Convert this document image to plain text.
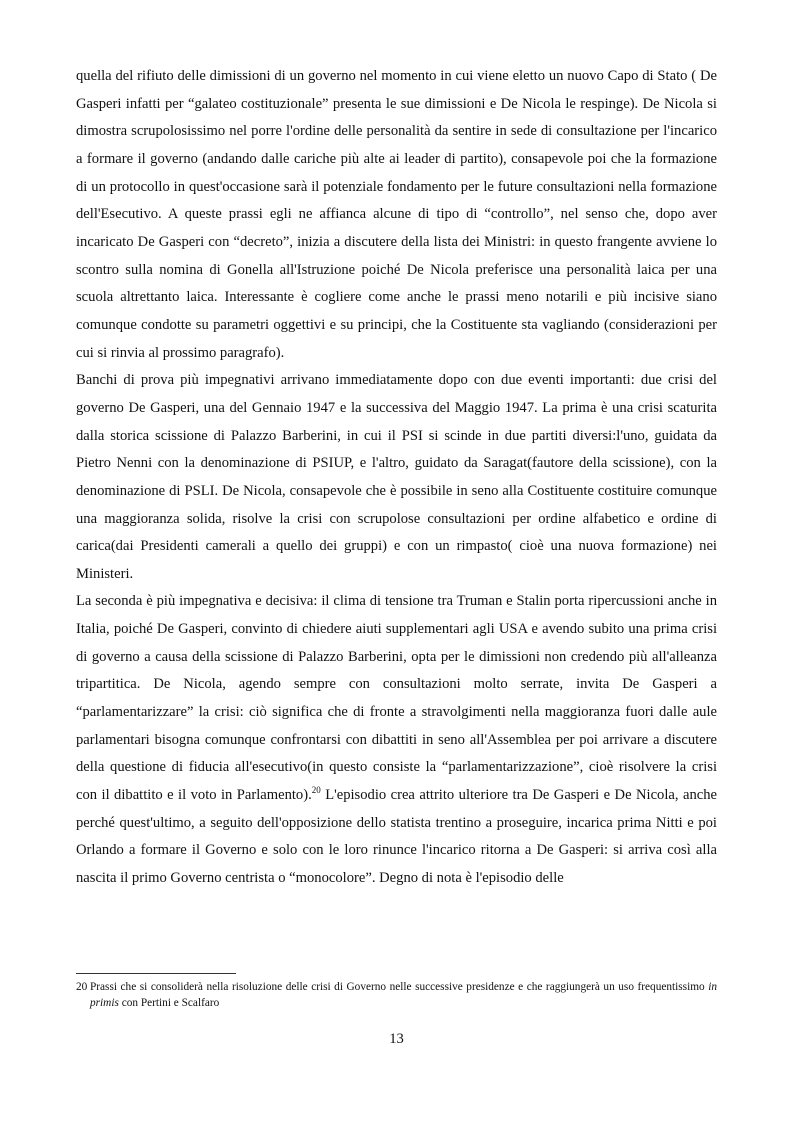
quella del rifiuto delle dimissioni di un governo nel momento in cui viene eletto un nuovo Capo di Stato ( De Gasperi infatti per “galateo costituzionale” presenta le sue dimissioni e De Nicola le respinge). De Nicola si dimostra scrupolosissimo nel porre l'ordine delle personalità da sentire in sede di consultazione per l'incarico a formare il governo (andando dalle cariche più alte ai leader di partito), consapevole poi che la formazione di un protocollo in quest'occasione sarà il potenziale fondamento per le future consultazioni nella formazione dell'Esecutivo. A queste prassi egli ne affianca alcune di tipo di “controllo”, nel senso che, dopo aver incaricato De Gasperi con “decreto”, inizia a discutere della lista dei Ministri: in questo frangente avviene lo scontro sulla nomina di Gonella all'Istruzione poiché De Nicola preferisce una personalità laica per una scuola altrettanto laica. Interessante è cogliere come anche le prassi meno notarili e più incisive siano comunque condotte su parametri oggettivi e su principi, che la Costituente sta vagliando (considerazioni per cui si rinvia al prossimo paragrafo).

Banchi di prova più impegnativi arrivano immediatamente dopo con due eventi importanti: due crisi del governo De Gasperi, una del Gennaio 1947 e la successiva del Maggio 1947. La prima è una crisi scaturita dalla storica scissione di Palazzo Barberini, in cui il PSI si scinde in due partiti diversi:l'uno, guidata da Pietro Nenni con la denominazione di PSIUP, e l'altro, guidato da Saragat(fautore della scissione), con la denominazione di PSLI. De Nicola, consapevole che è possibile in seno alla Costituente costituire comunque una maggioranza solida, risolve la crisi con scrupolose consultazioni per ordine alfabetico e ordine di carica(dai Presidenti camerali a quello dei gruppi) e con un rimpasto( cioè una nuova formazione) nei Ministeri.

La seconda è più impegnativa e decisiva: il clima di tensione tra Truman e Stalin porta ripercussioni anche in Italia, poiché De Gasperi, convinto di chiedere aiuti supplementari agli USA e avendo subito una prima crisi di governo a causa della scissione di Palazzo Barberini, opta per le dimissioni non credendo più all'alleanza tripartitica. De Nicola, agendo sempre con consultazioni molto serrate, invita De Gasperi a “parlamentarizzare” la crisi: ciò significa che di fronte a stravolgimenti nella maggioranza fuori dalle aule parlamentari bisogna comunque confrontarsi con dibattiti in seno all'Assemblea per poi arrivare a discutere della questione di fiducia all'esecutivo(in questo consiste la “parlamentarizzazione”, cioè risolvere la crisi con il dibattito e il voto in Parlamento).$^{20}$ L'episodio crea attrito ulteriore tra De Gasperi e De Nicola, anche perché quest'ultimo, a seguito dell'opposizione dello statista trentino a proseguire, incarica prima Nitti e poi Orlando a formare il Governo e solo con le loro rinunce l'incarico ritorna a De Gasperi: si arriva così alla nascita il primo Governo centrista o “monocolore”. Degno di nota è l'episodio delle

20 Prassi che si consoliderà nella risoluzione delle crisi di Governo nelle successive presidenze e che raggiungerà un uso frequentissimo in primis con Pertini e Scalfaro
13
